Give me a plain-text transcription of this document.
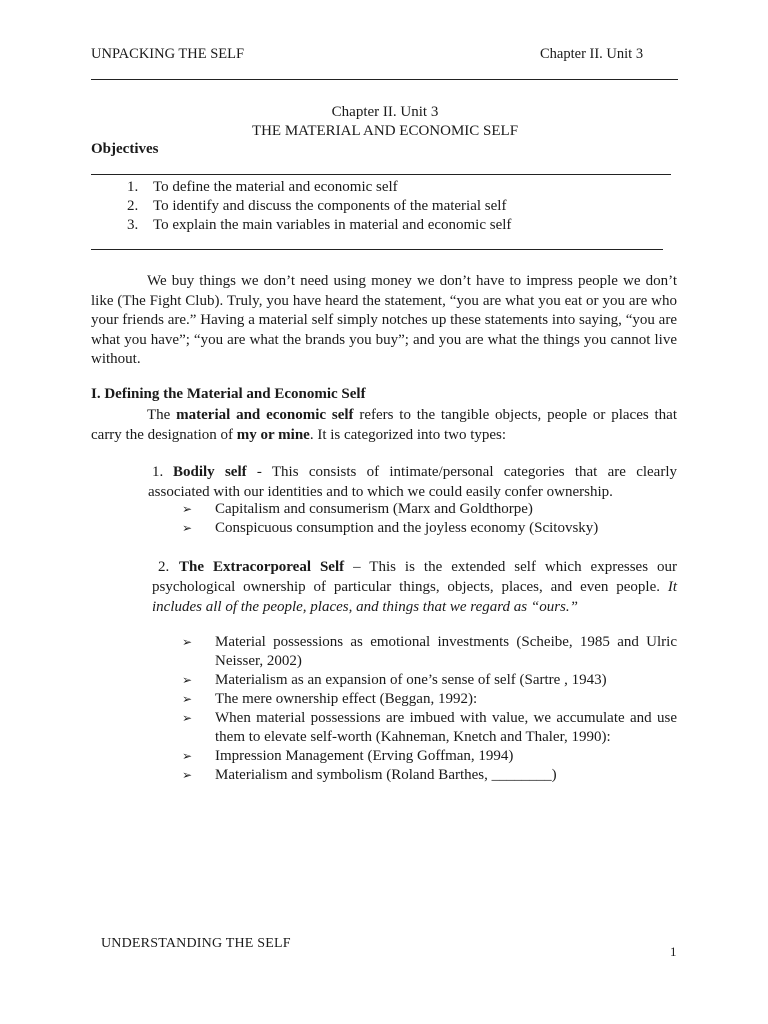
UNPACKING THE SELF	Chapter II. Unit 3
Chapter II. Unit 3
THE MATERIAL AND ECONOMIC SELF
Objectives
1. To define the material and economic self
2. To identify and discuss the components of the material self
3. To explain the main variables in material and economic self
We buy things we don’t need using money we don’t have to impress people we don’t like (The Fight Club). Truly, you have heard the statement, “you are what you eat or you are who your friends are.” Having a material self simply notches up these statements into saying, “you are what you have”; “you are what the brands you buy”; and you are what the things you cannot live without.
I. Defining the Material and Economic Self
The material and economic self refers to the tangible objects, people or places that carry the designation of my or mine. It is categorized into two types:
1. Bodily self - This consists of intimate/personal categories that are clearly associated with our identities and to which we could easily confer ownership.
➢ Capitalism and consumerism (Marx and Goldthorpe)
➢ Conspicuous consumption and the joyless economy (Scitovsky)
2. The Extracorporeal Self – This is the extended self which expresses our psychological ownership of particular things, objects, places, and even people. It includes all of the people, places, and things that we regard as “ours.”
➢ Material possessions as emotional investments (Scheibe, 1985 and Ulric Neisser, 2002)
➢ Materialism as an expansion of one’s sense of self (Sartre , 1943)
➢ The mere ownership effect (Beggan, 1992):
➢ When material possessions are imbued with value, we accumulate and use them to elevate self-worth (Kahneman, Knetch and Thaler, 1990):
➢ Impression Management (Erving Goffman, 1994)
➢ Materialism and symbolism (Roland Barthes, ________)
UNDERSTANDING THE SELF
1
